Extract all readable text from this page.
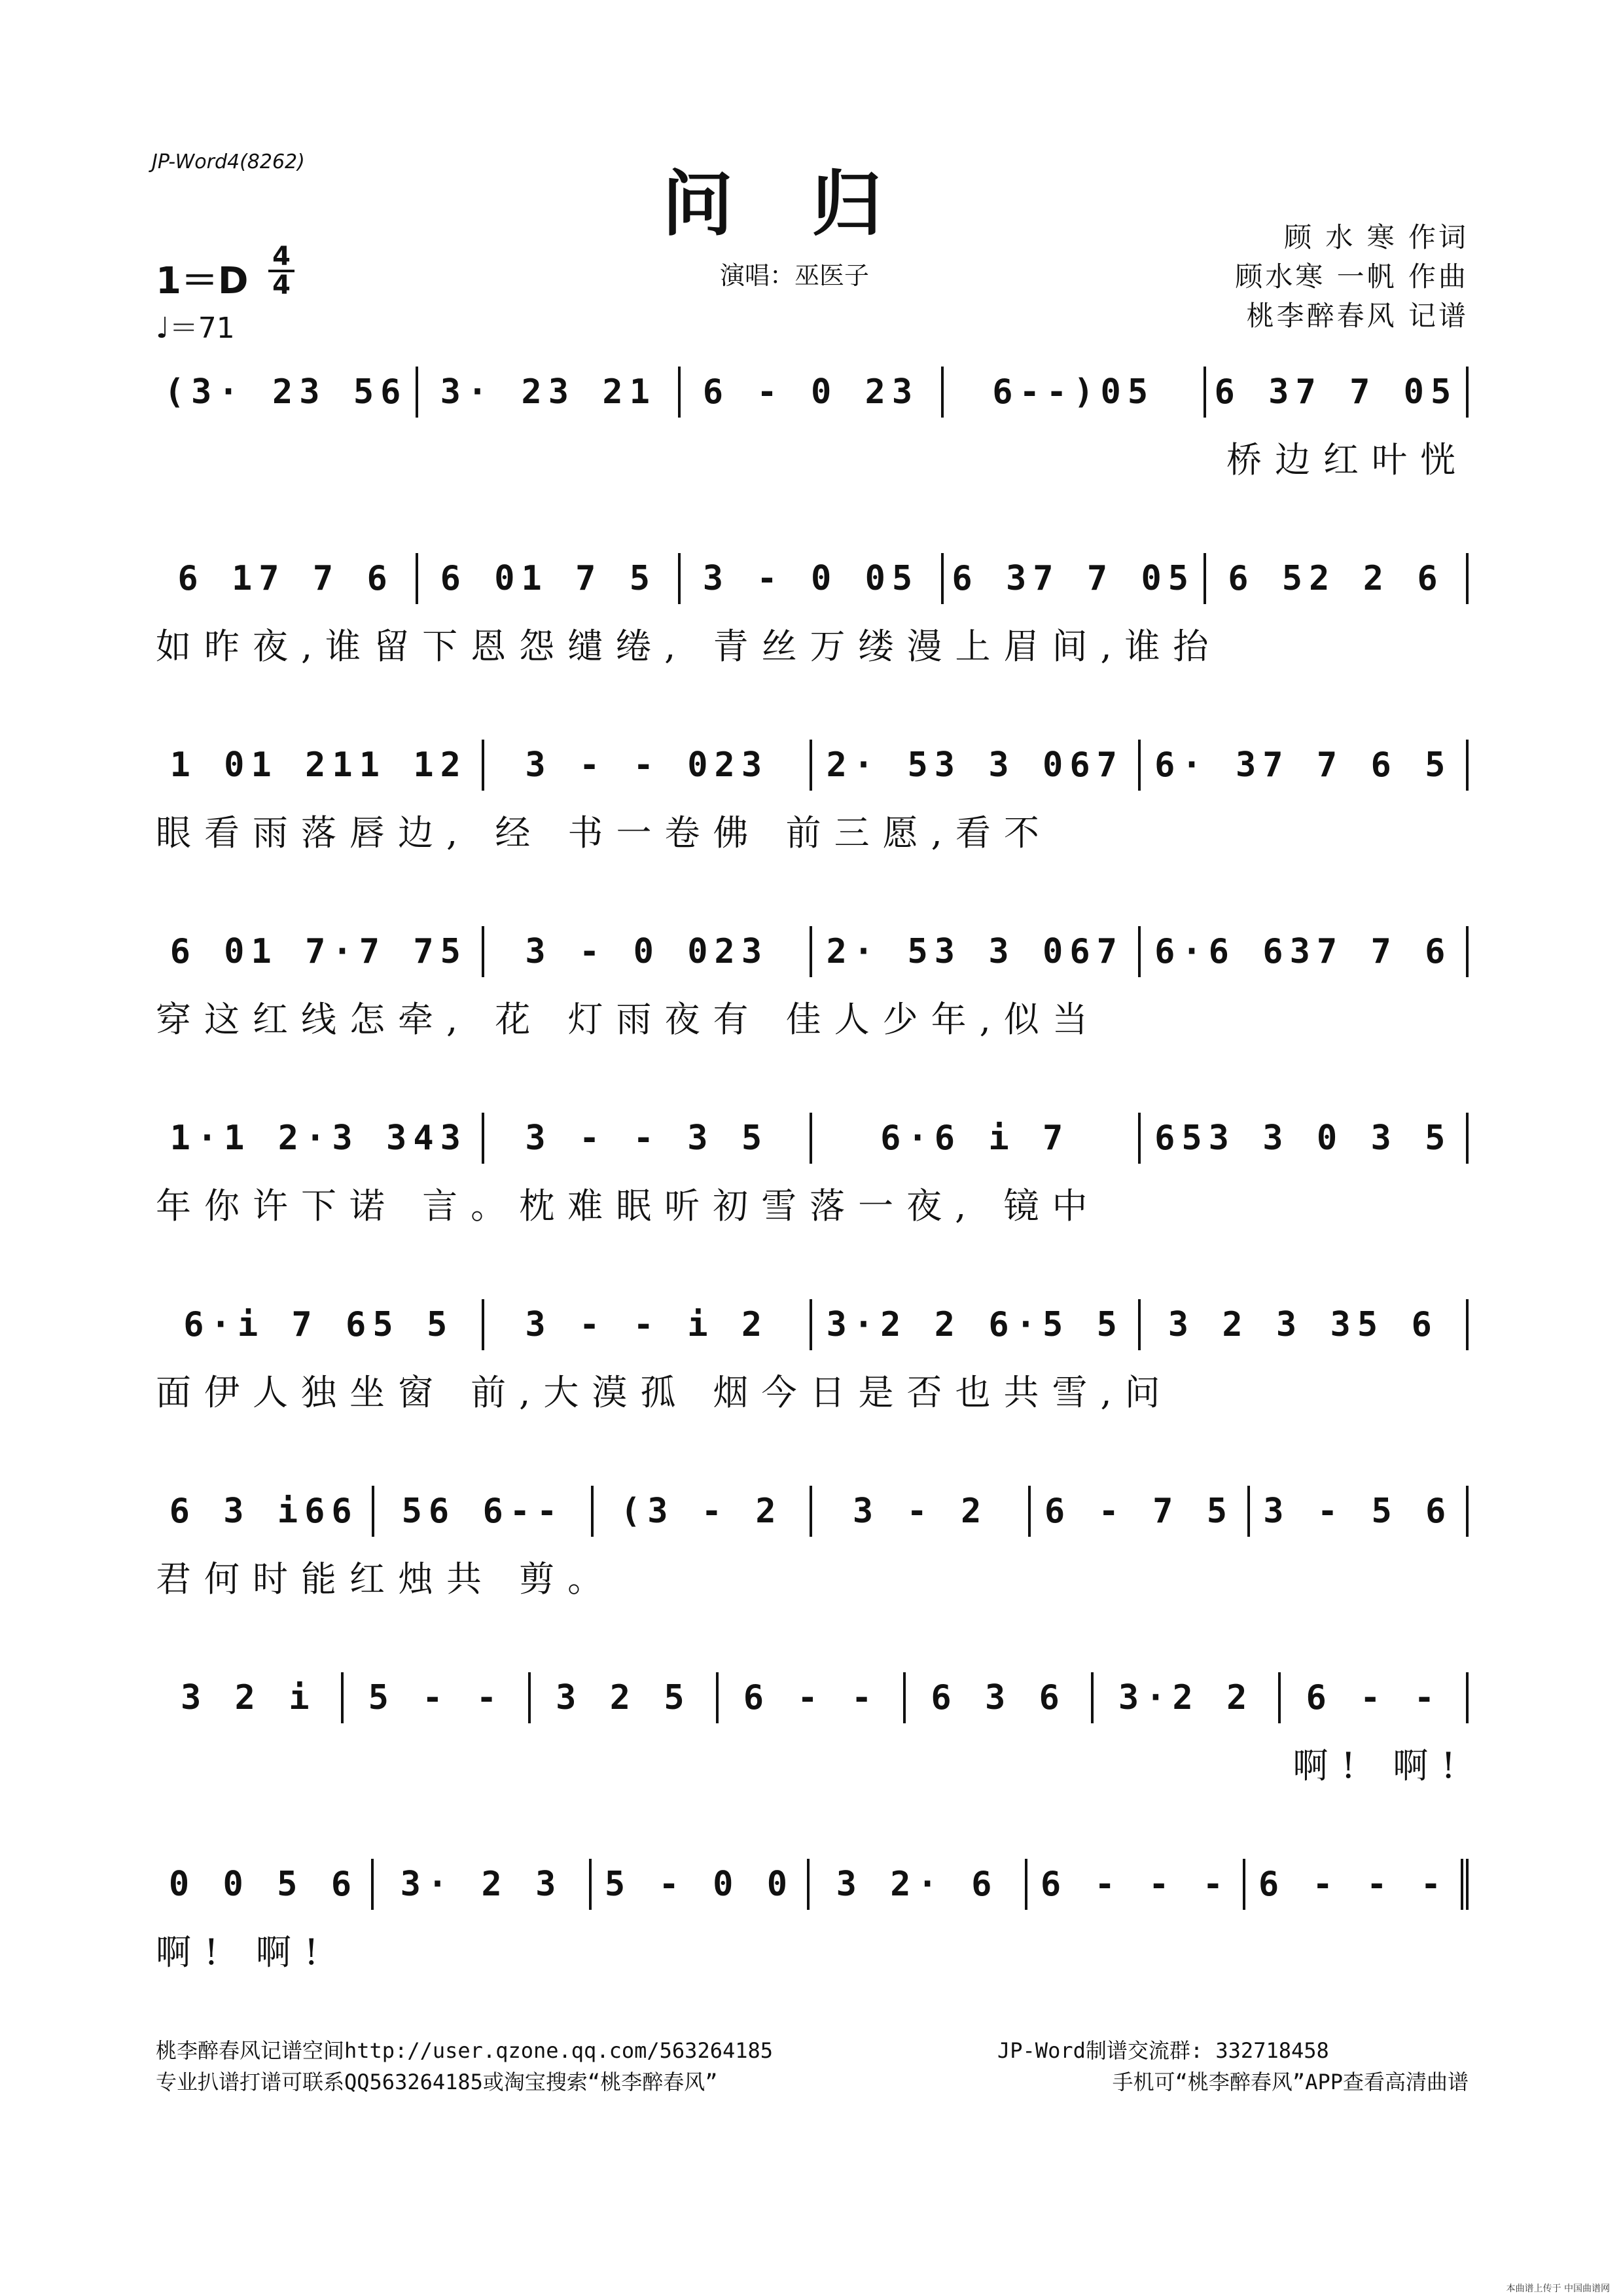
JP-Word4(8262)
问归
$1=D \frac{4}{4}$
♩＝71
演唱：巫医子
顾 水 寒 作词
顾水寒 一帆 作曲
桃李醉春风 记谱
(3· 23 56 3· 23 21	6 - 0 23	6--)05	6 37 7 05
桥边红叶恍
6 17 7 6	6 01 7 5	3 - 0 05 6 37 7 05 6 52 2 6
如昨夜,谁留下恩怨缱绻, 青丝万缕漫上眉间,谁抬
1 01 211 12	3 - - 023	2· 53 3 067 6· 37 7 6 5
眼看雨落唇边, 经 书一卷佛 前三愿,看不
6 01 7·7 75	3 - 0 023	2· 53 3 067 6·6 637 7 6
穿这红线怎牵, 花 灯雨夜有 佳人少年,似当
1·1 2·3 343	3 - - 3 5	6·6 i 7	653 3 0 3 5
年你许下诺 言。枕难眠听初雪落一夜, 镜中
6·i 7 65 5	3 - - i 2	3·2 2 6·5 5	3 2 3 35 6
面伊人独坐窗 前,大漠孤 烟今日是否也共雪,问
6 3 i66	56 6--	(3 - 2	3 - 2	6 - 7 5 3 - 5 6
君何时能红烛共 剪。
3 2 i	5 - -	3 2 5	6 - -	6 3 6	3·2 2	6 - -
啊! 啊!
0 0 5 6	3· 2 3	5 - 0 0	3 2· 6	6 - - - 6 - - -
啊! 啊!
桃李醉春风记谱空间http://user.qzone.qq.com/563264185
专业扒谱打谱可联系QQ563264185或淘宝搜索“桃李醉春风”
JP-Word制谱交流群: 332718458
手机可“桃李醉春风”APP查看高清曲谱
本曲谱上传于 中国曲谱网
